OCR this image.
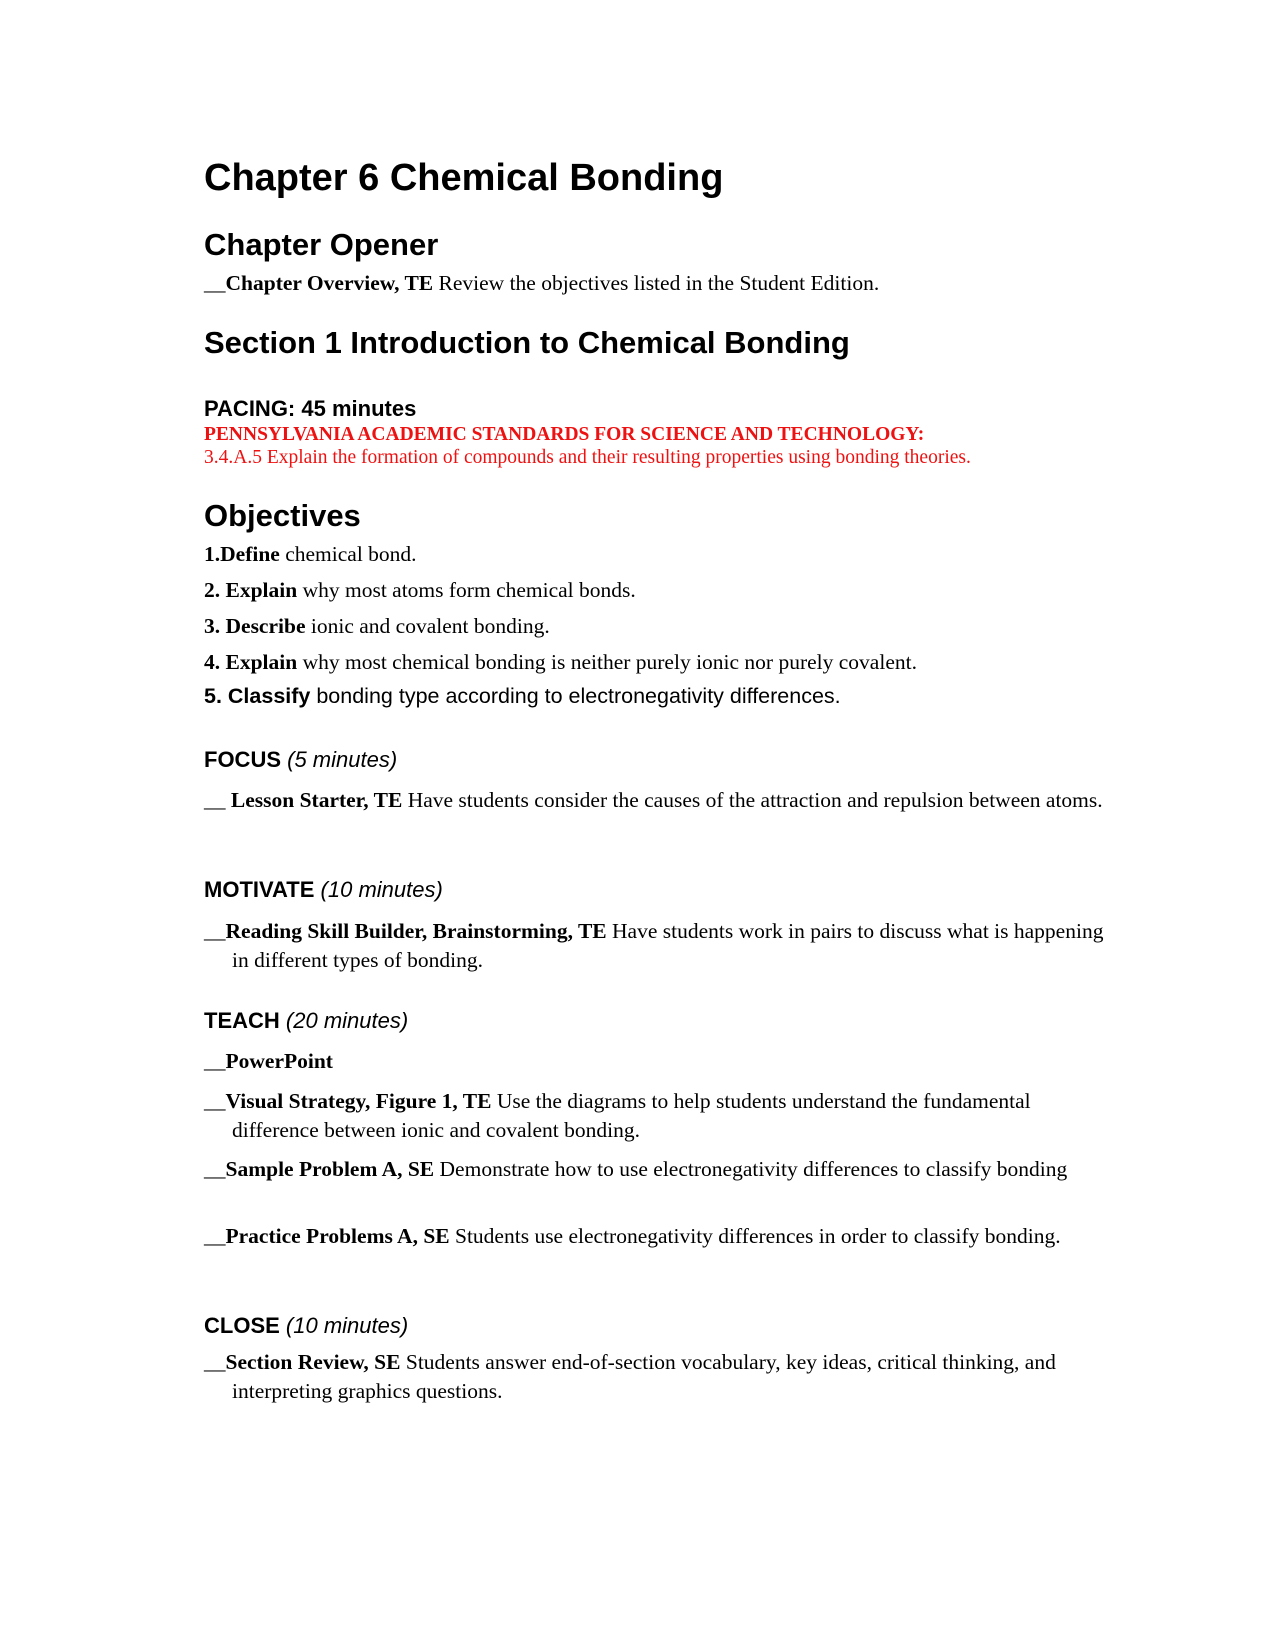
Chapter 6 Chemical Bonding
Chapter Opener
__Chapter Overview, TE Review the objectives listed in the Student Edition.
Section 1 Introduction to Chemical Bonding
PACING: 45 minutes
PENNSYLVANIA ACADEMIC STANDARDS FOR SCIENCE AND TECHNOLOGY:
3.4.A.5 Explain the formation of compounds and their resulting properties using bonding theories.
Objectives
1.Define chemical bond.
2. Explain why most atoms form chemical bonds.
3. Describe ionic and covalent bonding.
4. Explain why most chemical bonding is neither purely ionic nor purely covalent.
5. Classify bonding type according to electronegativity differences.
FOCUS (5 minutes)
__ Lesson Starter, TE Have students consider the causes of the attraction and repulsion between atoms.
MOTIVATE (10 minutes)
__Reading Skill Builder, Brainstorming, TE Have students work in pairs to discuss what is happening in different types of bonding.
TEACH (20 minutes)
__PowerPoint
__Visual Strategy, Figure 1, TE Use the diagrams to help students understand the fundamental difference between ionic and covalent bonding.
__Sample Problem A, SE Demonstrate how to use electronegativity differences to classify bonding
__Practice Problems A, SE Students use electronegativity differences in order to classify bonding.
CLOSE (10 minutes)
__Section Review, SE Students answer end-of-section vocabulary, key ideas, critical thinking, and interpreting graphics questions.
